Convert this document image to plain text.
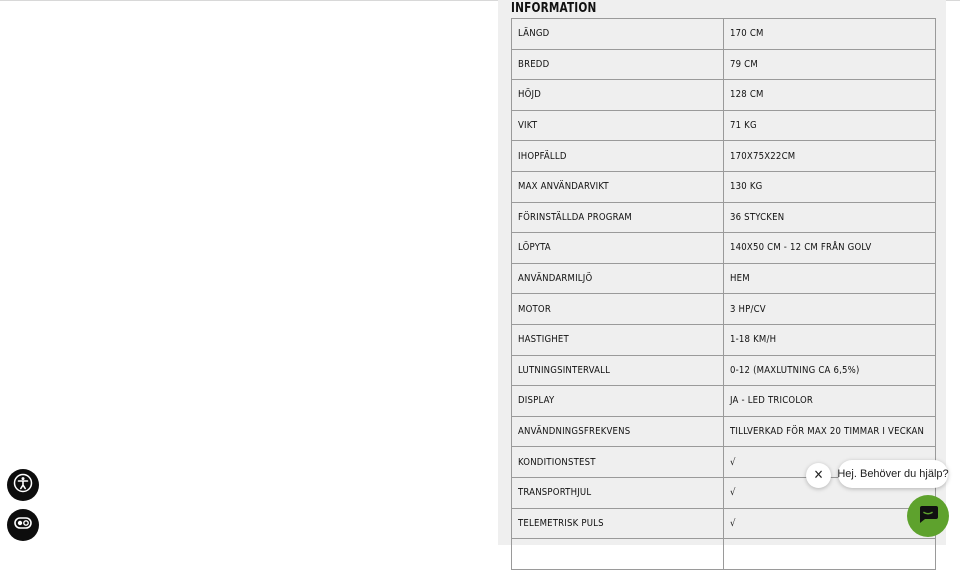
INFORMATION
LÄNGD	170 CM
BREDD	79 CM
HÖJD	128 CM
VIKT	71 KG
IHOPFÄLLD	170X75X22CM
MAX ANVÄNDARVIKT	130 KG
FÖRINSTÄLLDA PROGRAM	36 STYCKEN
LÖPYTA	140X50 CM - 12 CM FRÅN GOLV
ANVÄNDARMILJÖ	HEM
MOTOR	3 HP/CV
HASTIGHET	1-18 KM/H
LUTNINGSINTERVALL	0-12 (MAXLUTNING CA 6,5%)
DISPLAY	JA - LED TRICOLOR
ANVÄNDNINGSFREKVENS	TILLVERKAD FÖR MAX 20 TIMMAR I VECKAN
KONDITIONSTEST	√
TRANSPORTHJUL	√
TELEMETRISK PULS	√

✕ Hej. Behöver du hjälp?
